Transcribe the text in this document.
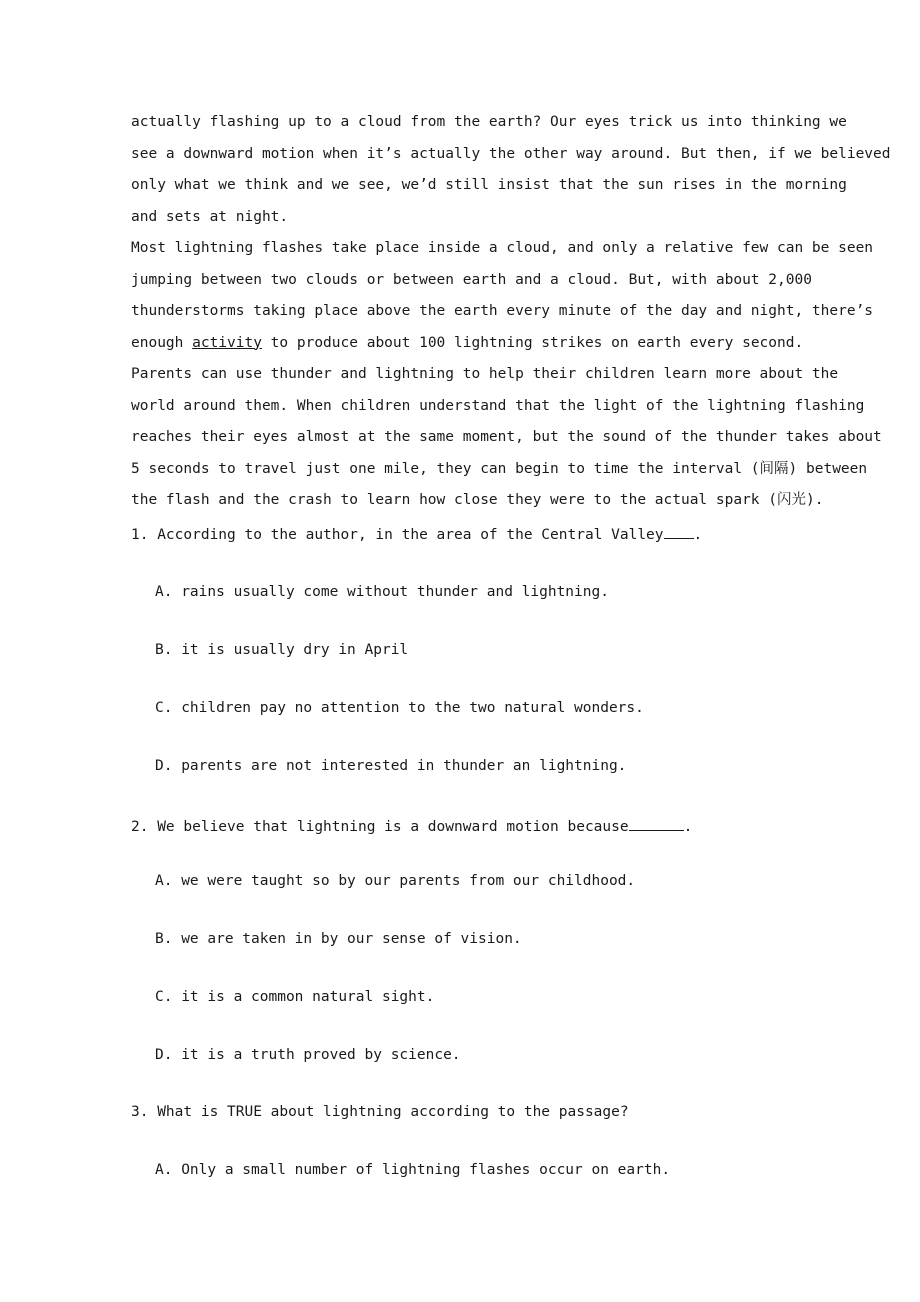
actually flashing up to a cloud from the earth? Our eyes trick us into thinking we
see a downward motion when it’s actually the other way around. But then, if we believed
only what we think and we see, we’d still insist that the sun rises in the morning
and sets at night.
Most lightning flashes take place inside a cloud, and only a relative few can be seen
jumping between two clouds or between earth and a cloud. But, with about 2,000
thunderstorms taking place above the earth every minute of the day and night, there’s
enough activity to produce about 100 lightning strikes on earth every second.
Parents can use thunder and lightning to help their children learn more about the
world around them. When children understand that the light of the lightning flashing
reaches their eyes almost at the same moment, but the sound of the thunder takes about
5 seconds to travel just one mile, they can begin to time the interval (间隔) between
the flash and the crash to learn how close they were to the actual spark (闪光).
1. According to the author, in the area of the Central Valley .
A. rains usually come without thunder and lightning.
B. it is usually dry in April
C. children pay no attention to the two natural wonders.
D. parents are not interested in thunder an lightning.
2. We believe that lightning is a downward motion because	.
A. we were taught so by our parents from our childhood.
B. we are taken in by our sense of vision.
C. it is a common natural sight.
D. it is a truth proved by science.
3. What is TRUE about lightning according to the passage?
A. Only a small number of lightning flashes occur on earth.
